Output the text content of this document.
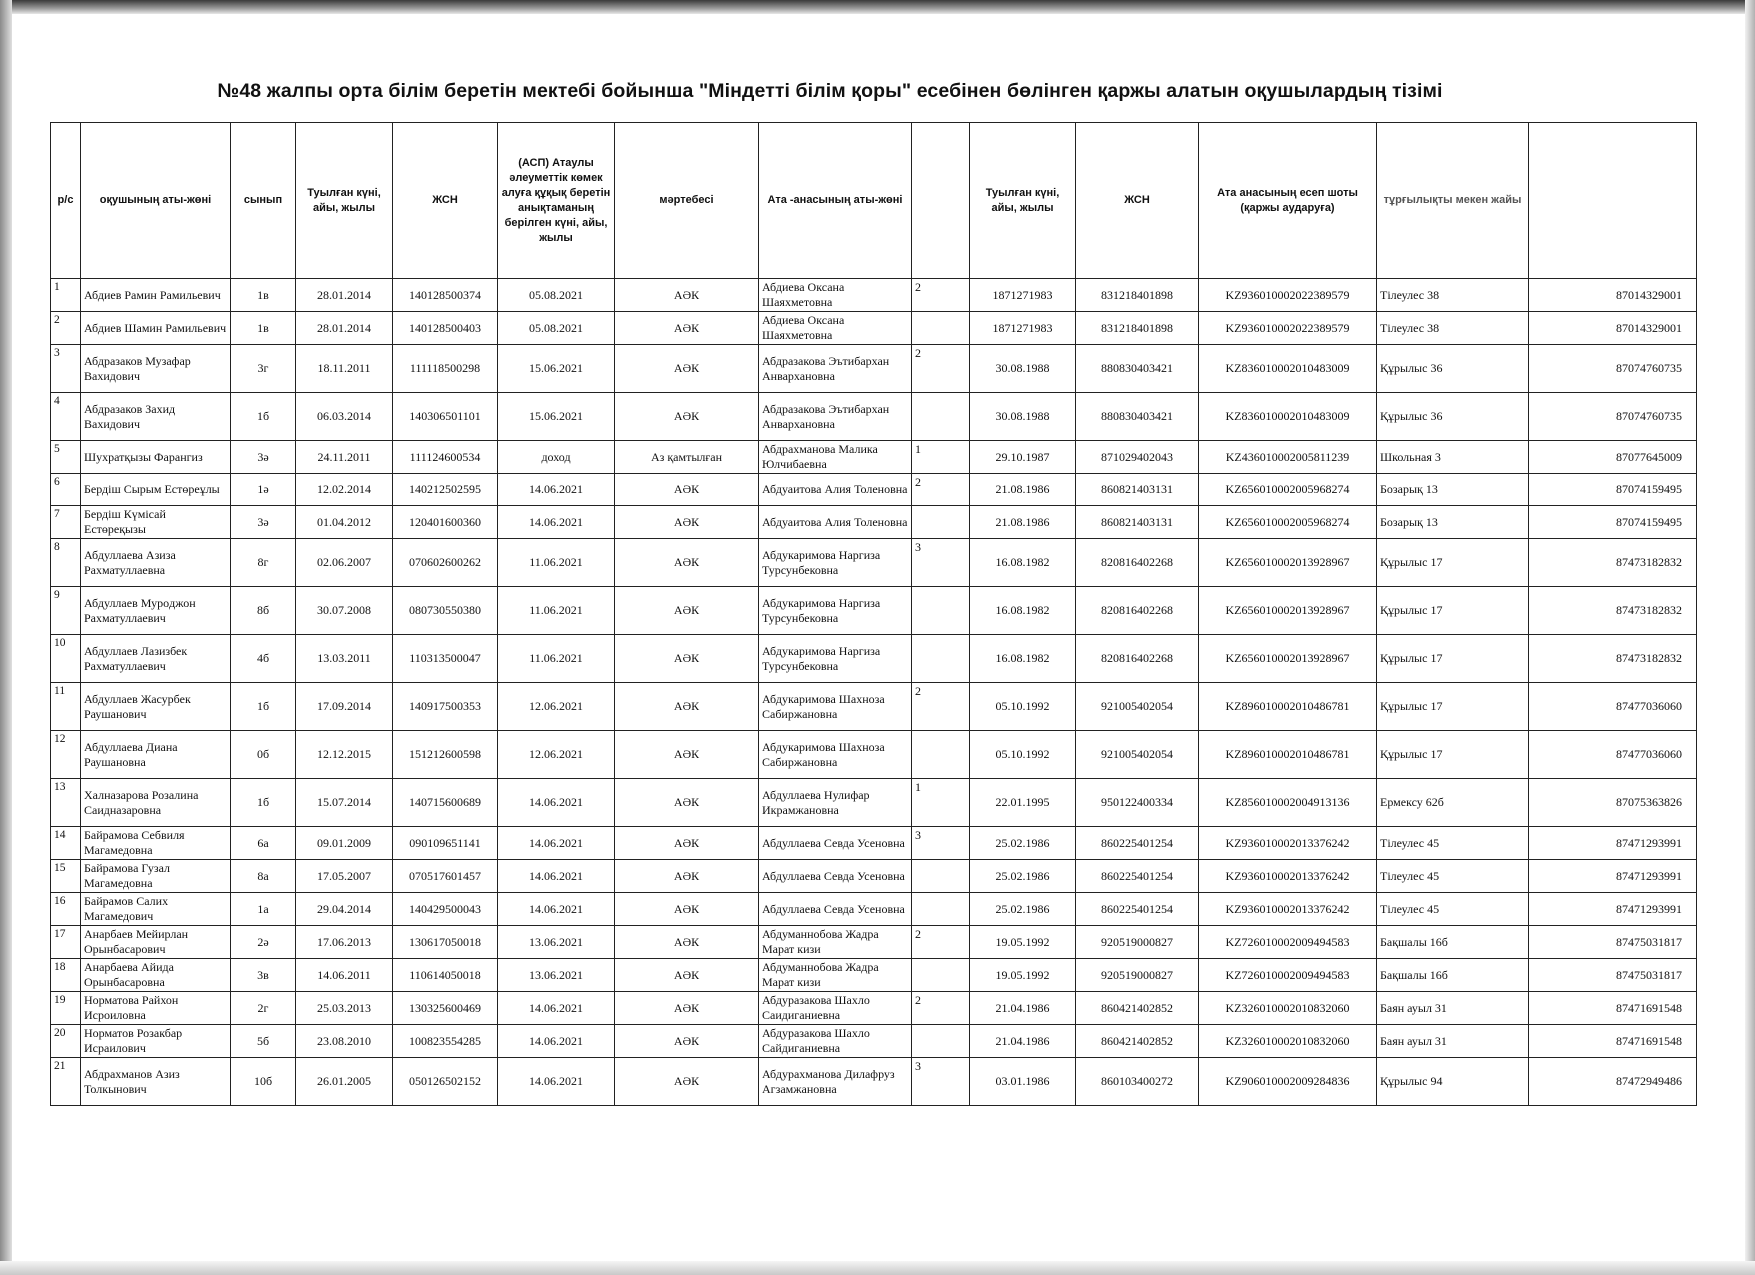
№48 жалпы орта білім беретін мектебі бойынша "Міндетті білім қоры" есебінен бөлінген қаржы алатын оқушылардың тізімі
р/с	оқушының аты-жөні	сынып	Туылған күні, айы, жылы	ЖСН	(АСП) Атаулы әлеуметтік көмек алуға құқық беретін анықтаманың берілген күні, айы, жылы	мәртебесі	Ата -анасының аты-жөні		Туылған күні, айы, жылы	ЖСН	Ата анасының есеп шоты (қаржы аударуға)	тұрғылықты мекен жайы	
1	Абдиев Рамин Рамильевич	1в	28.01.2014	140128500374	05.08.2021	АӘК	Абдиева Оксана Шаяхметовна	2	1871271983	831218401898	KZ936010002022389579	Тілеулес 38	87014329001
2	Абдиев Шамин Рамильевич	1в	28.01.2014	140128500403	05.08.2021	АӘК	Абдиева Оксана Шаяхметовна		1871271983	831218401898	KZ936010002022389579	Тілеулес 38	87014329001
3	Абдразаков Музафар Вахидович	3г	18.11.2011	111118500298	15.06.2021	АӘК	Абдразакова Эътибархан Анвархановна	2	30.08.1988	880830403421	KZ836010002010483009	Құрылыс 36	87074760735
4	Абдразаков Захид Вахидович	1б	06.03.2014	140306501101	15.06.2021	АӘК	Абдразакова Эътибархан Анвархановна		30.08.1988	880830403421	KZ836010002010483009	Құрылыс 36	87074760735
5	Шухратқызы Фарангиз	3ә	24.11.2011	111124600534	доход	Аз қамтылған	Абдрахманова Малика Юлчибаевна	1	29.10.1987	871029402043	KZ436010002005811239	Школьная 3	87077645009
6	Бердіш Сырым Естөреұлы	1ә	12.02.2014	140212502595	14.06.2021	АӘК	Абдуаитова Алия Толеновна	2	21.08.1986	860821403131	KZ656010002005968274	Бозарық 13	87074159495
7	Бердіш Күмісай Естөреқызы	3ә	01.04.2012	120401600360	14.06.2021	АӘК	Абдуаитова Алия Толеновна		21.08.1986	860821403131	KZ656010002005968274	Бозарық 13	87074159495
8	Абдуллаева Азиза Рахматуллаевна	8г	02.06.2007	070602600262	11.06.2021	АӘК	Абдукаримова Наргиза Турсунбековна	3	16.08.1982	820816402268	KZ656010002013928967	Құрылыс 17	87473182832
9	Абдуллаев Мурoджон Рахматуллаевич	8б	30.07.2008	080730550380	11.06.2021	АӘК	Абдукаримова Наргиза Турсунбековна		16.08.1982	820816402268	KZ656010002013928967	Құрылыс 17	87473182832
10	Абдуллаев Лазизбек Рахматуллаевич	4б	13.03.2011	110313500047	11.06.2021	АӘК	Абдукаримова Наргиза Турсунбековна		16.08.1982	820816402268	KZ656010002013928967	Құрылыс 17	87473182832
11	Абдуллаев Жасурбек Раушанович	1б	17.09.2014	140917500353	12.06.2021	АӘК	Абдукаримова Шахноза Сабиржановна	2	05.10.1992	921005402054	KZ896010002010486781	Құрылыс 17	87477036060
12	Абдуллаева Диана Раушановна	0б	12.12.2015	151212600598	12.06.2021	АӘК	Абдукаримова Шахноза Сабиржановна		05.10.1992	921005402054	KZ896010002010486781	Құрылыс 17	87477036060
13	Халназарова Розалина Саидназаровна	1б	15.07.2014	140715600689	14.06.2021	АӘК	Абдуллаева Нулифар Икрамжановна	1	22.01.1995	950122400334	KZ856010002004913136	Ермексу 62б	87075363826
14	Байрамова Себвиля Магамедовна	6а	09.01.2009	090109651141	14.06.2021	АӘК	Абдуллаева Севда Усеновна	3	25.02.1986	860225401254	KZ936010002013376242	Тілеулес 45	87471293991
15	Байрамова Гузал Магамедовна	8а	17.05.2007	070517601457	14.06.2021	АӘК	Абдуллаева Севда Усеновна		25.02.1986	860225401254	KZ936010002013376242	Тілеулес 45	87471293991
16	Байрамов Салих Магамедович	1а	29.04.2014	140429500043	14.06.2021	АӘК	Абдуллаева Севда Усеновна		25.02.1986	860225401254	KZ936010002013376242	Тілеулес 45	87471293991
17	Анарбаев Мейирлан Орынбасарович	2ә	17.06.2013	130617050018	13.06.2021	АӘК	Абдуманнобова Жадра Марат кизи	2	19.05.1992	920519000827	KZ726010002009494583	Бақшалы 16б	87475031817
18	Анарбаева Айида Орынбасаровна	3в	14.06.2011	110614050018	13.06.2021	АӘК	Абдуманнобова Жадра Марат кизи		19.05.1992	920519000827	KZ726010002009494583	Бақшалы 16б	87475031817
19	Норматова Райхон Исроиловна	2г	25.03.2013	130325600469	14.06.2021	АӘК	Абдуразакова Шахло Саидиганиевна	2	21.04.1986	860421402852	KZ326010002010832060	Баян ауыл 31	87471691548
20	Норматов Розакбар Исраилович	5б	23.08.2010	100823554285	14.06.2021	АӘК	Абдуразакова Шахло Сайдиганиевна		21.04.1986	860421402852	KZ326010002010832060	Баян ауыл 31	87471691548
21	Абдрахманов Азиз Толкынович	10б	26.01.2005	050126502152	14.06.2021	АӘК	Абдурахманова Дилафруз Агзамжановна	3	03.01.1986	860103400272	KZ906010002009284836	Құрылыс 94	87472949486
